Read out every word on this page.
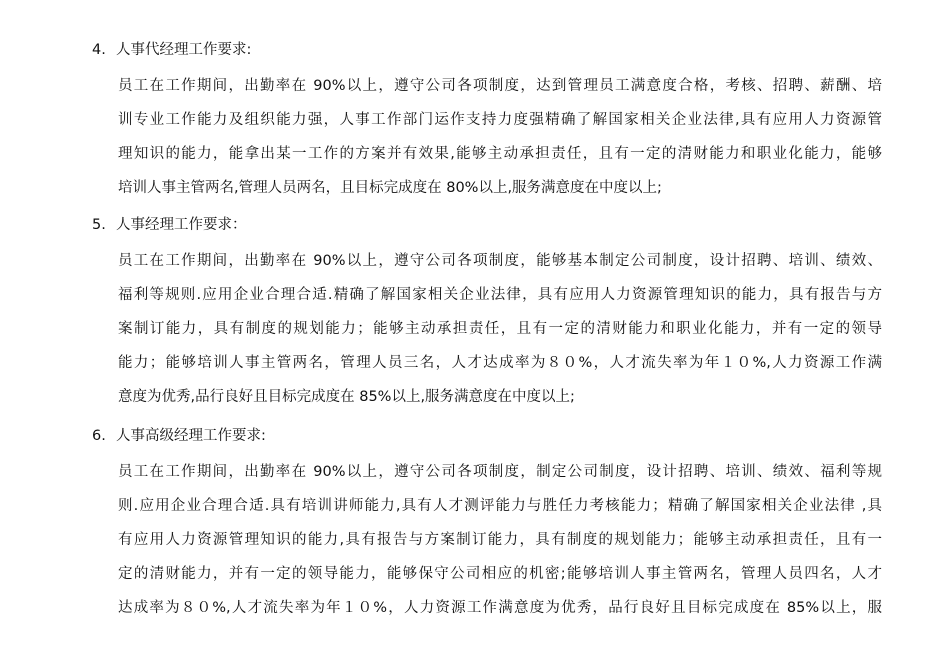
4. 人事代经理工作要求:
员工在工作期间，出勤率在 90%以上，遵守公司各项制度，达到管理员工满意度合格，考核、招聘、薪酬、培
训专业工作能力及组织能力强，人事工作部门运作支持力度强精确了解国家相关企业法律,具有应用人力资源管
理知识的能力，能拿出某一工作的方案并有效果,能够主动承担责任，且有一定的清财能力和职业化能力，能够
培训人事主管两名,管理人员两名，且目标完成度在 80%以上,服务满意度在中度以上;
5. 人事经理工作要求：
员工在工作期间，出勤率在 90%以上，遵守公司各项制度，能够基本制定公司制度，设计招聘、培训、绩效、
福利等规则.应用企业合理合适.精确了解国家相关企业法律，具有应用人力资源管理知识的能力，具有报告与方
案制订能力，具有制度的规划能力；能够主动承担责任，且有一定的清财能力和职业化能力，并有一定的领导
能力；能够培训人事主管两名，管理人员三名，人才达成率为８０%，人才流失率为年１０%,人力资源工作满
意度为优秀,品行良好且目标完成度在 85%以上,服务满意度在中度以上;
6. 人事高级经理工作要求:
员工在工作期间，出勤率在 90%以上，遵守公司各项制度，制定公司制度，设计招聘、培训、绩效、福利等规
则.应用企业合理合适.具有培训讲师能力,具有人才测评能力与胜任力考核能力；精确了解国家相关企业法律 ,具
有应用人力资源管理知识的能力,具有报告与方案制订能力，具有制度的规划能力；能够主动承担责任，且有一
定的清财能力，并有一定的领导能力，能够保守公司相应的机密;能够培训人事主管两名，管理人员四名，人才
达成率为８０%,人才流失率为年１０%，人力资源工作满意度为优秀，品行良好且目标完成度在 85%以上，服
